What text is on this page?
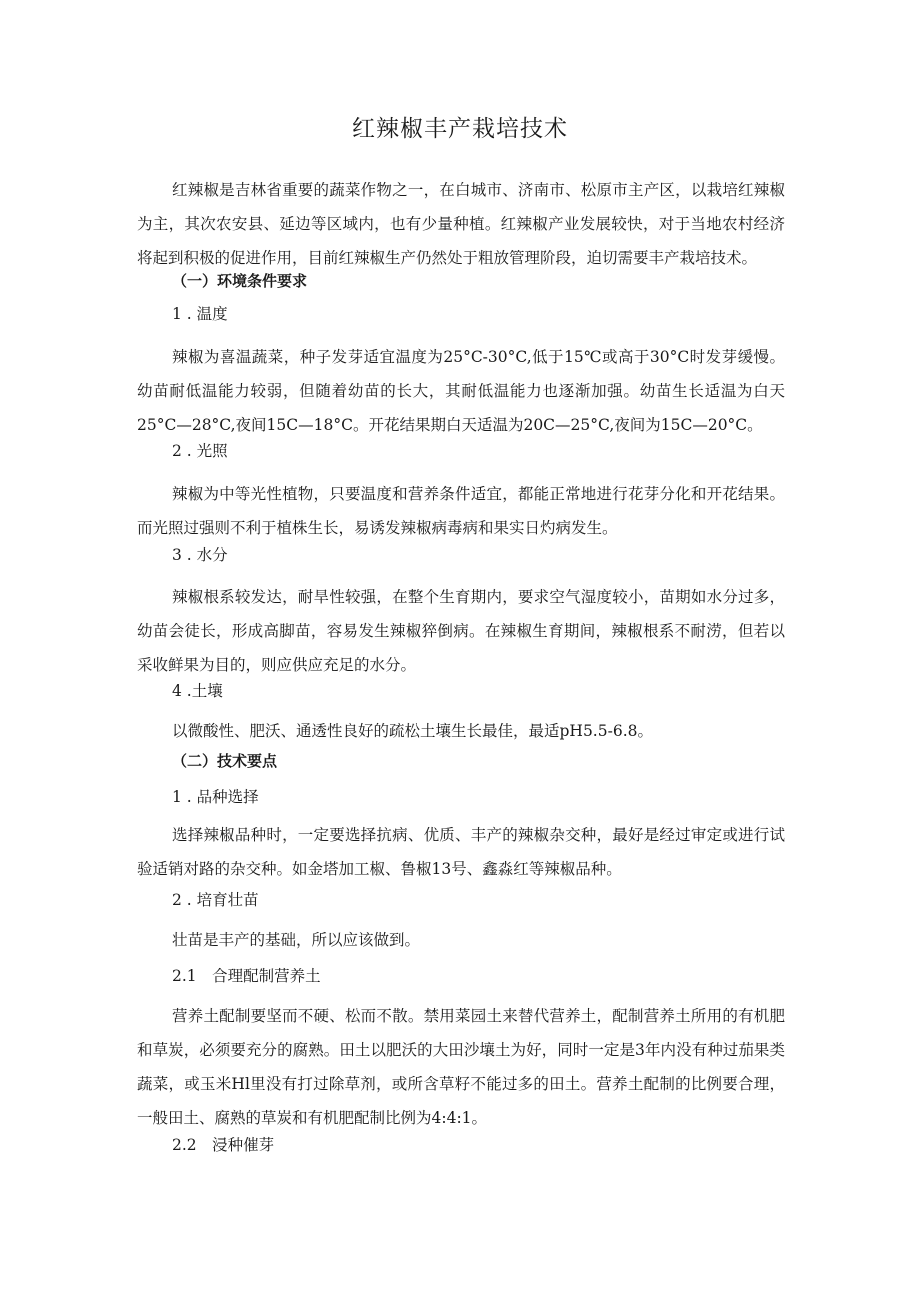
红辣椒丰产栽培技术

红辣椒是吉林省重要的蔬菜作物之一，在白城市、济南市、松原市主产区，以栽培红辣椒为主，其次农安县、延边等区域内，也有少量种植。红辣椒产业发展较快，对于当地农村经济将起到积极的促进作用，目前红辣椒生产仍然处于粗放管理阶段，迫切需要丰产栽培技术。

（一）环境条件要求

1 . 温度

辣椒为喜温蔬菜，种子发芽适宜温度为25°C-30°C,低于15℃或高于30°C时发芽缓慢。幼苗耐低温能力较弱，但随着幼苗的长大，其耐低温能力也逐渐加强。幼苗生长适温为白天25°C—28°C,夜间15C—18°C。开花结果期白天适温为20C—25°C,夜间为15C—20°C。

2 . 光照

辣椒为中等光性植物，只要温度和营养条件适宜，都能正常地进行花芽分化和开花结果。而光照过强则不利于植株生长，易诱发辣椒病毒病和果实日灼病发生。

3 . 水分

辣椒根系较发达，耐旱性较强，在整个生育期内，要求空气湿度较小，苗期如水分过多，幼苗会徒长，形成高脚苗，容易发生辣椒猝倒病。在辣椒生育期间，辣椒根系不耐涝，但若以采收鲜果为目的，则应供应充足的水分。

4 .土壤

以微酸性、肥沃、通透性良好的疏松土壤生长最佳，最适pH5.5-6.8。

（二）技术要点

1 . 品种选择

选择辣椒品种时，一定要选择抗病、优质、丰产的辣椒杂交种，最好是经过审定或进行试验适销对路的杂交种。如金塔加工椒、鲁椒13号、鑫淼红等辣椒品种。

2 . 培育壮苗

壮苗是丰产的基础，所以应该做到。

2.1　合理配制营养土

营养土配制要坚而不硬、松而不散。禁用菜园土来替代营养土，配制营养土所用的有机肥和草炭，必须要充分的腐熟。田土以肥沃的大田沙壤土为好，同时一定是3年内没有种过茄果类蔬菜，或玉米Hl里没有打过除草剂，或所含草籽不能过多的田土。营养土配制的比例要合理，一般田土、腐熟的草炭和有机肥配制比例为4:4:1。

2.2　浸种催芽
